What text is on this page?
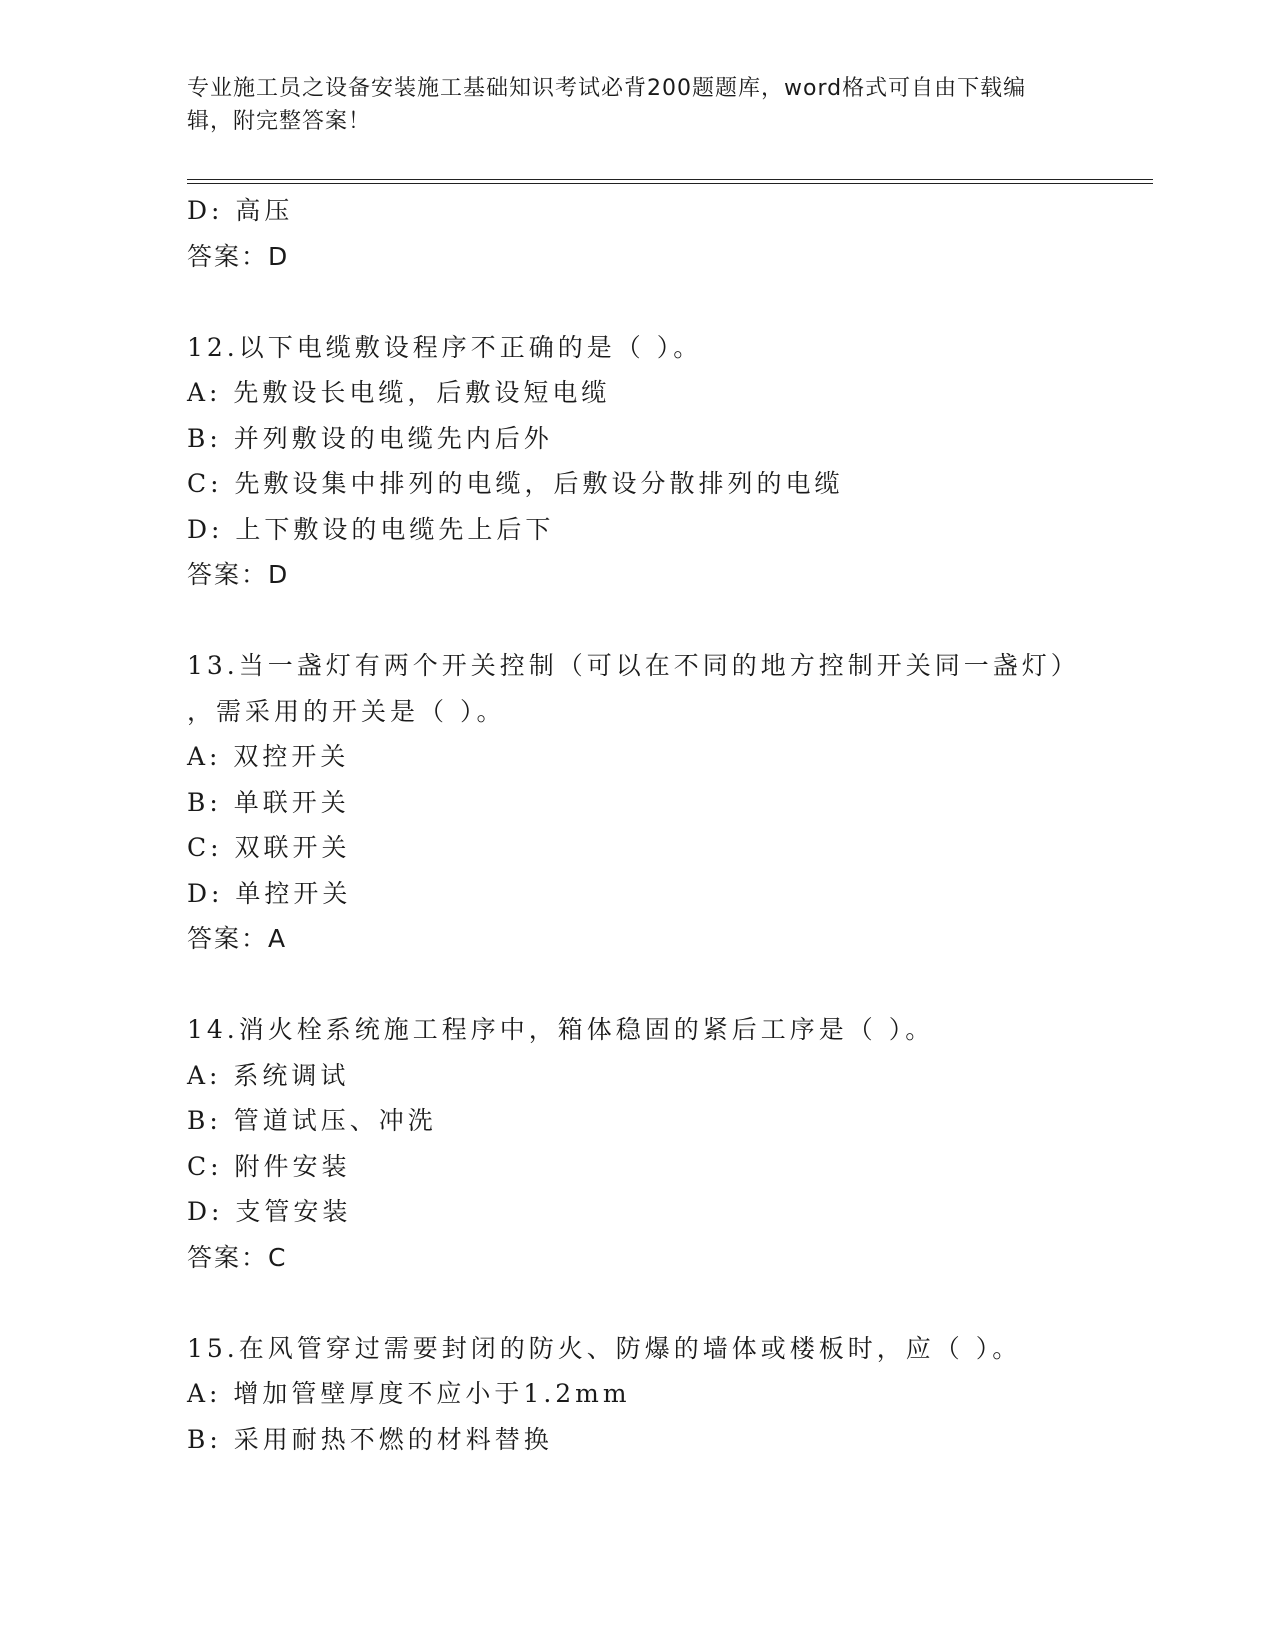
专业施工员之设备安装施工基础知识考试必背200题题库，word格式可自由下载编辑，附完整答案！
D: 高压
答案：D
12.以下电缆敷设程序不正确的是（ ）。
A: 先敷设长电缆，后敷设短电缆
B: 并列敷设的电缆先内后外
C: 先敷设集中排列的电缆，后敷设分散排列的电缆
D: 上下敷设的电缆先上后下
答案：D
13.当一盏灯有两个开关控制（可以在不同的地方控制开关同一盏灯）
，需采用的开关是（ ）。
A: 双控开关
B: 单联开关
C: 双联开关
D: 单控开关
答案：A
14.消火栓系统施工程序中，箱体稳固的紧后工序是（ ）。
A: 系统调试
B: 管道试压、冲洗
C: 附件安装
D: 支管安装
答案：C
15.在风管穿过需要封闭的防火、防爆的墙体或楼板时，应（ ）。
A: 增加管壁厚度不应小于1.2mm
B: 采用耐热不燃的材料替换
